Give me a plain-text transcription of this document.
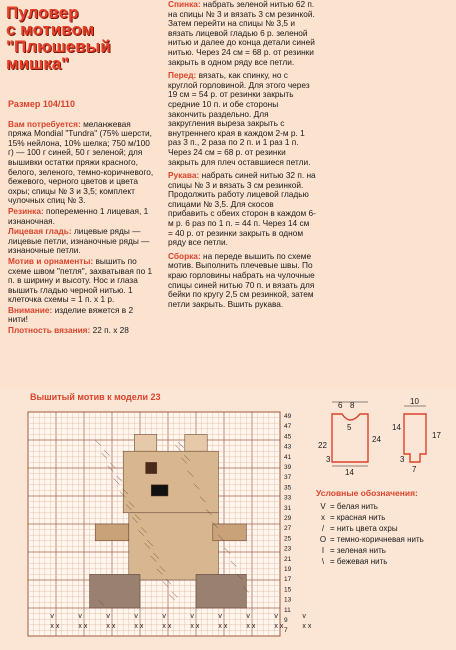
Пуловер
с мотивом
"Плюшевый
мишка"

Размер 104/110

Вам потребуется: меланжевая пряжа Mondial "Tundra" (75% шерсти, 15% нейлона, 10% шелка; 750 м/100 г) — 100 г синей, 50 г зеленой; для вышивки остатки пряжи красного, белого, зеленого, темно-коричневого, бежевого, черного цветов и цвета охры; спицы № 3 и 3,5; комплект чулочных спиц № 3.

Резинка: попеременно 1 лицевая, 1 изнаночная.

Лицевая гладь: лицевые ряды — лицевые петли, изнаночные ряды — изнаночные петли.

Мотив и орнаменты: вышить по схеме швом "петля", захватывая по 1 п. в ширину и высоту. Нос и глаза вышить гладью черной нитью. 1 клеточка схемы = 1 п. x 1 р.

Внимание: изделие вяжется в 2 нити!

Плотность вязания: 22 п. x 28

Спинка: набрать зеленой нитью 62 п. на спицы № 3 и вязать 3 см резинкой. Затем перейти на спицы № 3,5 и вязать лицевой гладью 6 р. зеленой нитью и далее до конца детали синей нитью. Через 24 см = 68 р. от резинки закрыть в одном ряду все петли.

Перед: вязать, как спинку, но с круглой горловиной. Для этого через 19 см = 54 р. от резинки закрыть средние 10 п. и обе стороны закончить раздельно. Для закругления выреза закрыть с внутреннего края в каждом 2-м р. 1 раз 3 п., 2 раза по 2 п. и 1 раз 1 п. Через 24 см = 68 р. от резинки закрыть для плеч оставшиеся петли.

Рукава: набрать синей нитью 32 п. на спицы № 3 и вязать 3 см резинкой. Продолжить работу лицевой гладью спицами № 3,5. Для скосов прибавить с обеих сторон в каждом 6-м р. 6 раз по 1 п. = 44 п. Через 14 см = 40 р. от резинки закрыть в одном ряду все петли.

Сборка: на переде вышить по схеме мотив. Выполнить плечевые швы. По краю горловины набрать на чулочные спицы синей нитью 70 п. и вязать для бейки по кругу 2,5 см резинкой, затем петли закрыть. Вшить рукава.

Вышитый мотив к модели 23
x x
v
x x
v
x x
v
x x
v
x x
v
x x
v
x x
v
x x
v
x x
v
x x
v
49
47
45
43
41
39
37
35
33
31
29
27
25
23
21
19
17
15
13
11
9
7
6 8
5
24
22
3
14
10
14
17
3
7
Условные обозначения:
V = белая нить
x = красная нить
/ = нить цвета охры
O = темно-коричневая нить
I = зеленая нить
\ = бежевая нить
